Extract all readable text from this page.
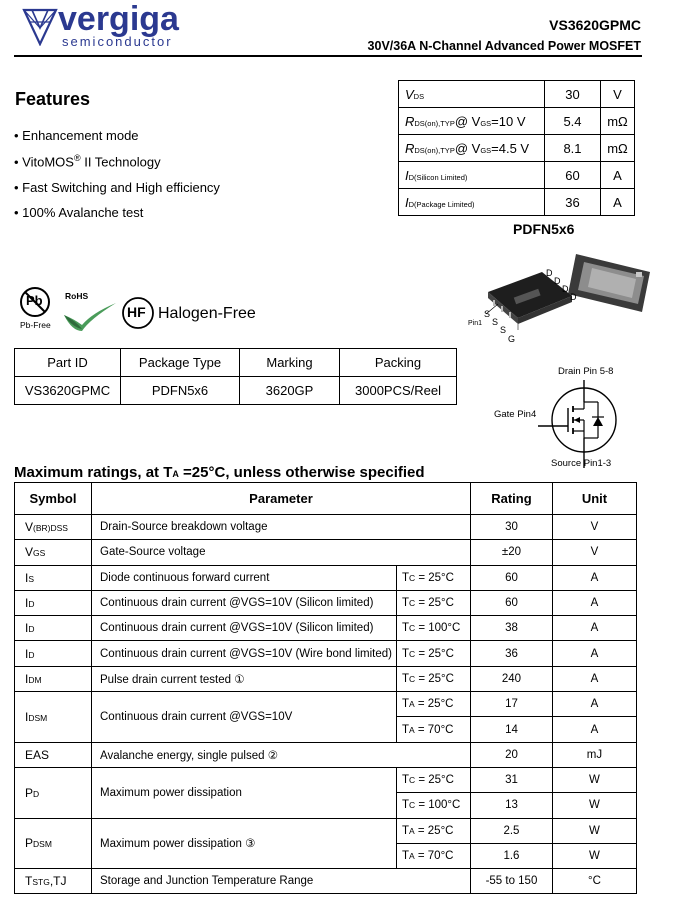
vergiga
semiconductor
VS3620GPMC
30V/36A N-Channel Advanced Power MOSFET
Features
• Enhancement mode
• VitoMOS® II Technology
• Fast Switching and High efficiency
• 100% Avalanche test
VDS	30	V
RDS(on),TYP@ VGS=10 V	5.4	mΩ
RDS(on),TYP@ VGS=4.5 V	8.1	mΩ
ID(Silicon Limited)	60	A
ID(Package Limited)	36	A
PDFN5x6
Pb
Pb-Free
RoHS
HF Halogen-Free
D
D
D
D
S
S
S
G
Pin1
Part ID	Package Type	Marking	Packing
VS3620GPMC	PDFN5x6	3620GP	3000PCS/Reel
Drain Pin 5-8
Gate Pin4
Source Pin1-3
Maximum ratings, at TA =25°C, unless otherwise specified
Symbol	Parameter		Rating	Unit
V(BR)DSS	Drain-Source breakdown voltage		30	V
VGS	Gate-Source voltage		±20	V
IS	Diode continuous forward current	TC = 25°C	60	A
ID	Continuous drain current @VGS=10V (Silicon limited)	TC = 25°C	60	A
ID	Continuous drain current @VGS=10V (Silicon limited)	TC = 100°C	38	A
ID	Continuous drain current @VGS=10V (Wire bond limited)	TC = 25°C	36	A
IDM	Pulse drain current tested ①	TC = 25°C	240	A
IDSM	Continuous drain current @VGS=10V	TA = 25°C	17	A
		TA = 70°C	14	A
EAS	Avalanche energy, single pulsed ②		20	mJ
PD	Maximum power dissipation	TC = 25°C	31	W
		TC = 100°C	13	W
PDSM	Maximum power dissipation ③	TA = 25°C	2.5	W
		TA = 70°C	1.6	W
TSTG,TJ	Storage and Junction Temperature Range		-55 to 150	°C
